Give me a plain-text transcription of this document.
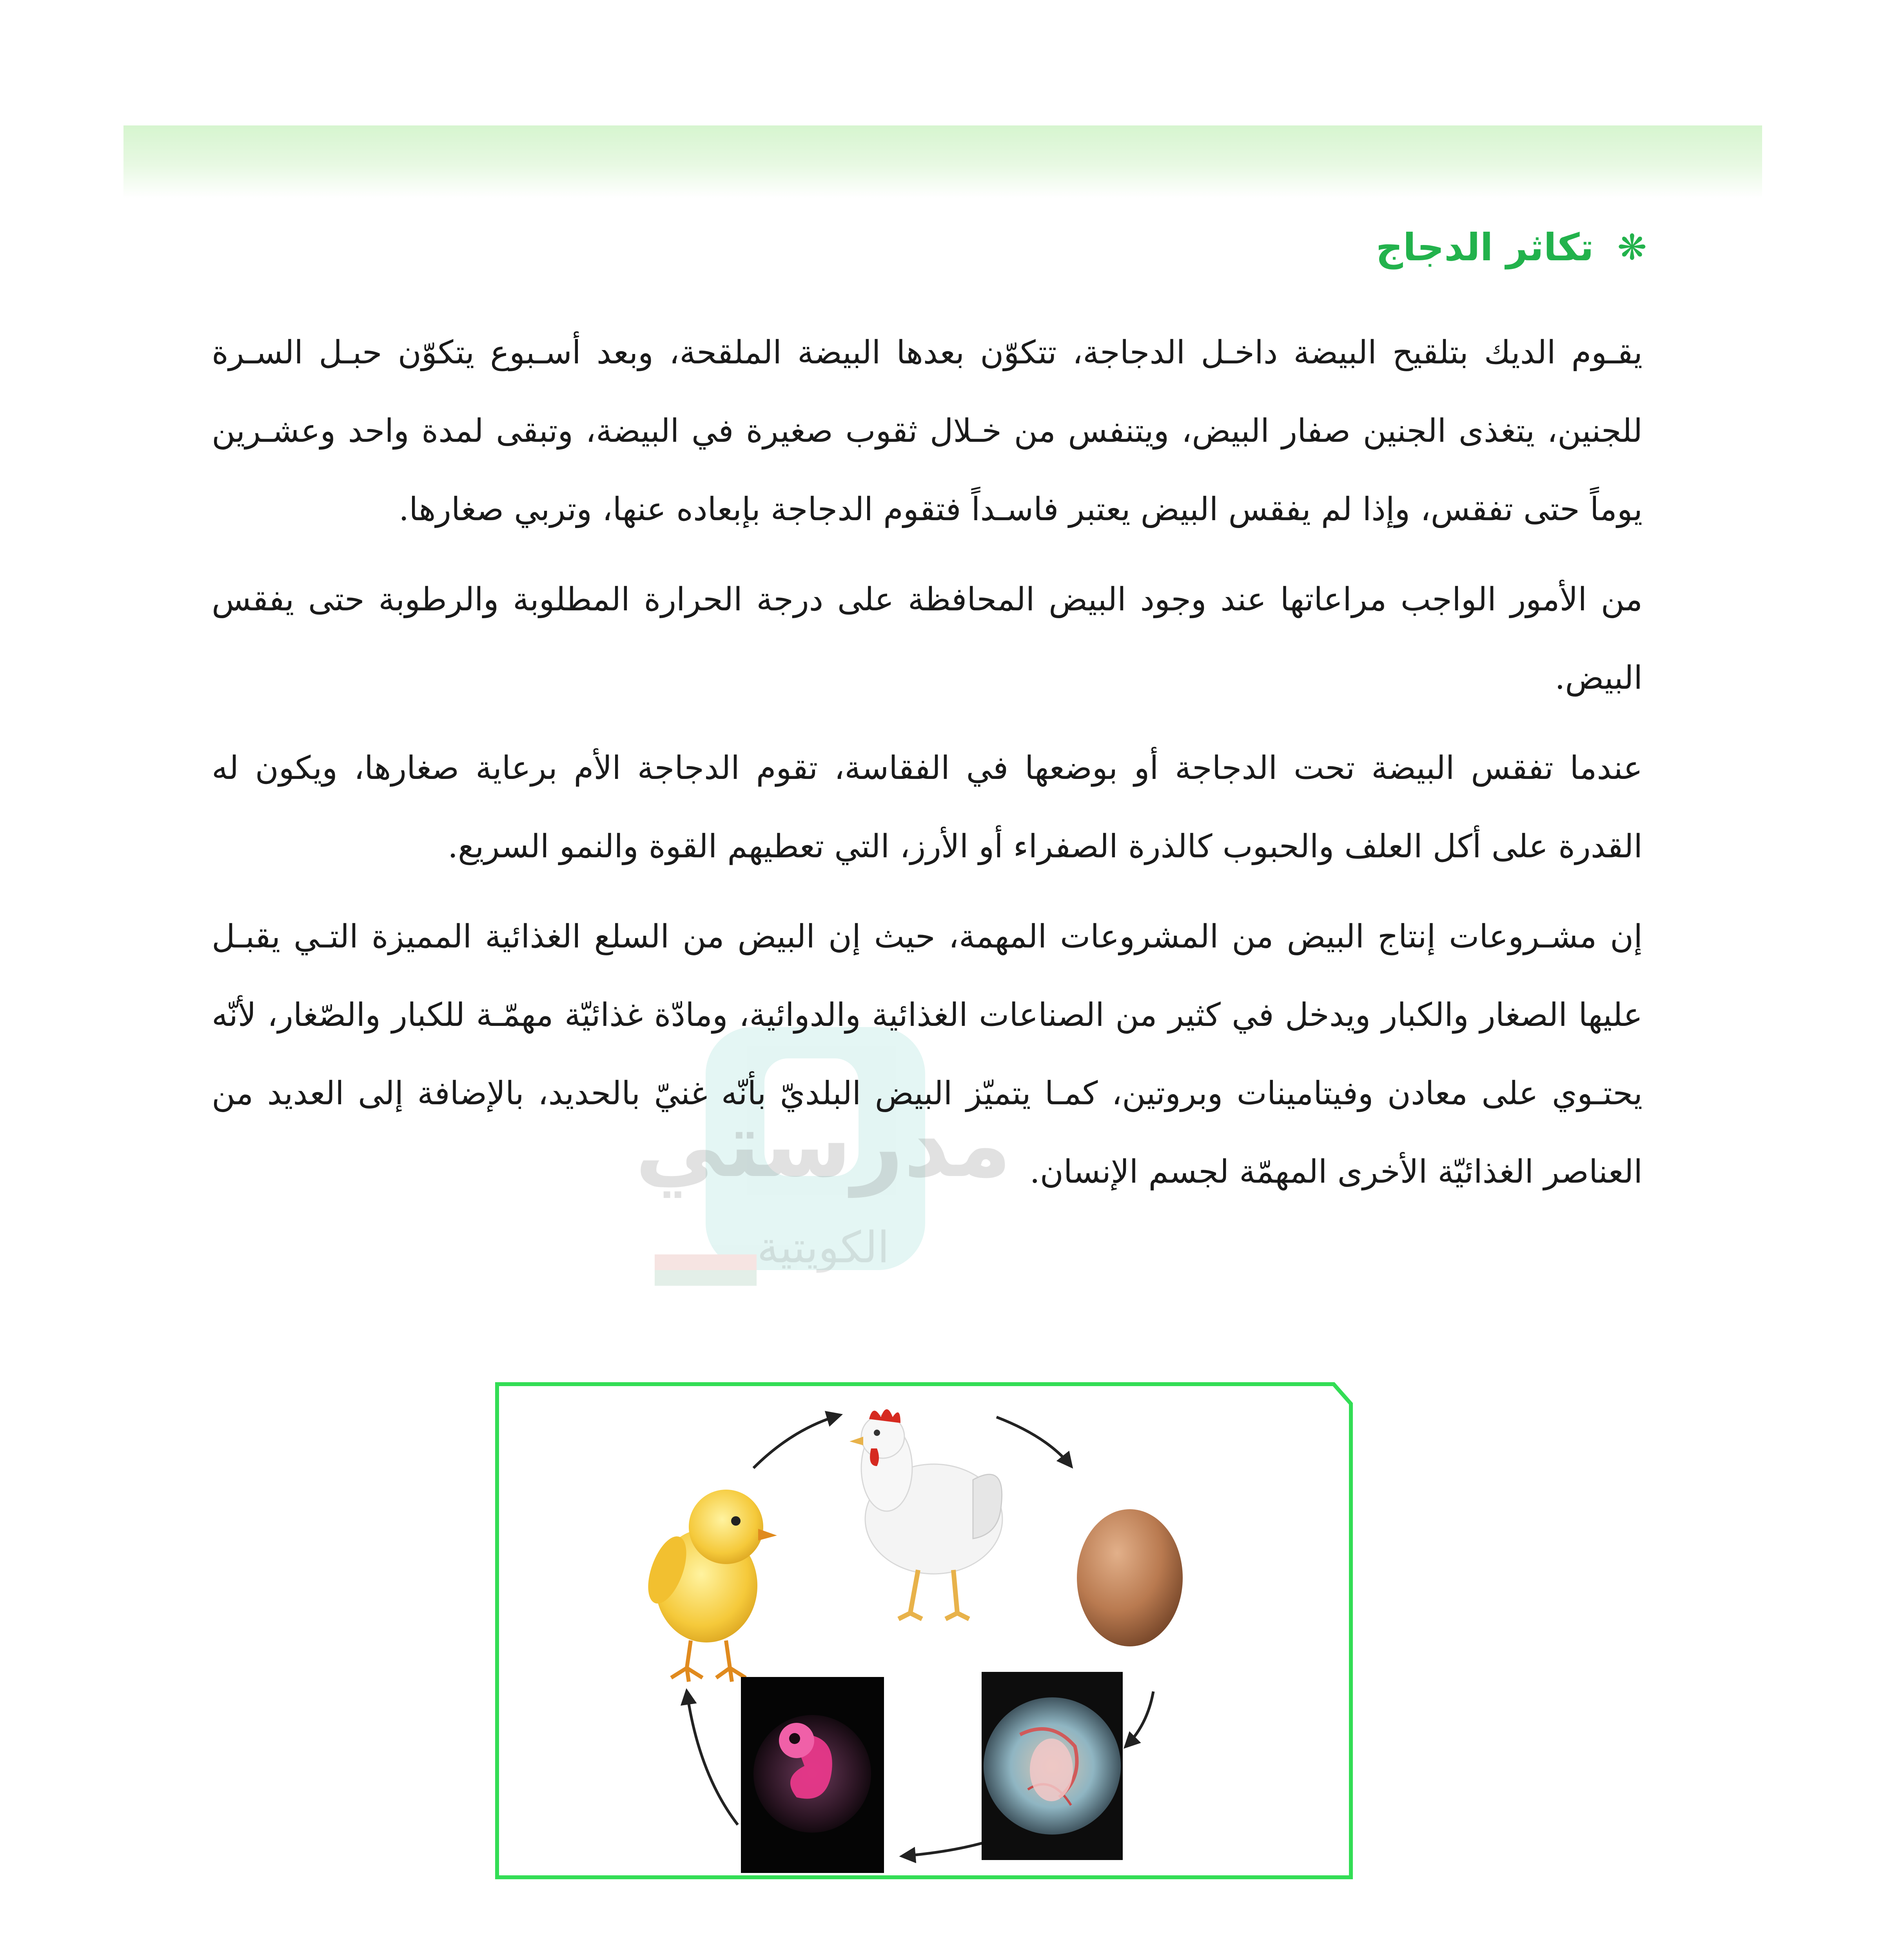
❋
تكاثر الدجاج
مدرستي
الكويتية

يقـوم الديك بتلقيح البيضة داخـل الدجاجة، تتكوّن بعدها البيضة الملقحة، وبعد أسـبوع يتكوّن حبـل السـرة للجنين، يتغذى الجنين صفار البيض، ويتنفس من خـلال ثقوب صغيرة في البيضة، وتبقى لمدة واحد وعشـرين يوماً حتى تفقس، وإذا لم يفقس البيض يعتبر فاسـداً فتقوم الدجاجة بإبعاده عنها، وتربي صغارها.

من الأمور الواجب مراعاتها عند وجود البيض المحافظة على درجة الحرارة المطلوبة والرطوبة حتى يفقس البيض.

عندما تفقس البيضة تحت الدجاجة أو بوضعها في الفقاسة، تقوم الدجاجة الأم برعاية صغارها، ويكون له القدرة على أكل العلف والحبوب كالذرة الصفراء أو الأرز، التي تعطيهم القوة والنمو السريع.

إن مشـروعات إنتاج البيض من المشروعات المهمة، حيث إن البيض من السلع الغذائية المميزة التـي يقبـل عليها الصغار والكبار ويدخل في كثير من الصناعات الغذائية والدوائية، ومادّة غذائيّة مهمّـة للكبار والصّغار، لأنّه يحتـوي على معادن وفيتامينات وبروتين، كمـا يتميّز البيض البلديّ بأنّه غنيّ بالحديد، بالإضافة إلى العديد من العناصر الغذائيّة الأخرى المهمّة لجسم الإنسان.
